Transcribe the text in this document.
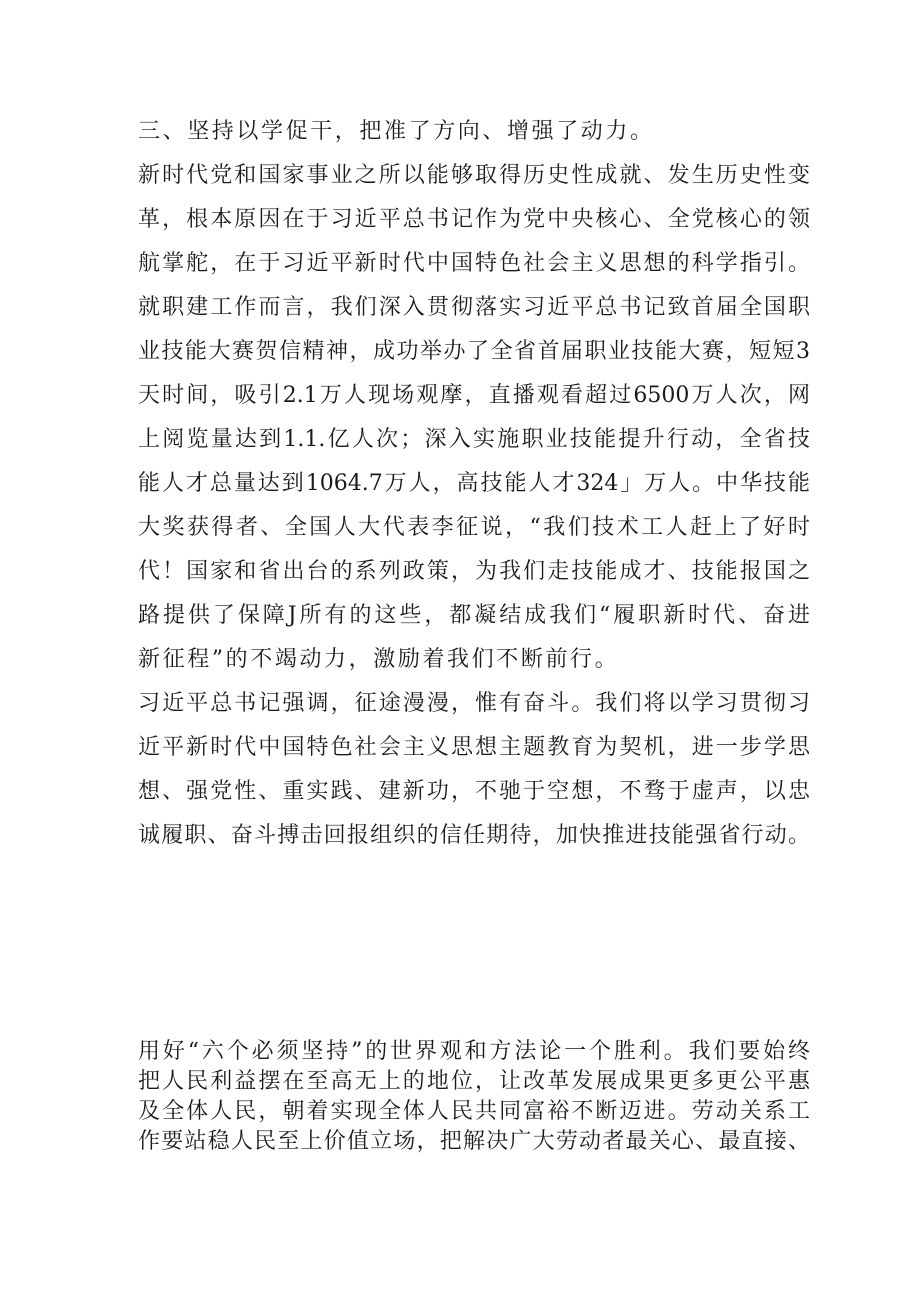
三、坚持以学促干，把准了方向、增强了动力。
新时代党和国家事业之所以能够取得历史性成就、发生历史性变
革，根本原因在于习近平总书记作为党中央核心、全党核心的领
航掌舵，在于习近平新时代中国特色社会主义思想的科学指引。
就职建工作而言，我们深入贯彻落实习近平总书记致首届全国职
业技能大赛贺信精神，成功举办了全省首届职业技能大赛，短短3
天时间，吸引2.1万人现场观摩，直播观看超过6500万人次，网
上阅览量达到1.1.亿人次；深入实施职业技能提升行动，全省技
能人才总量达到1064.7万人，高技能人才324」万人。中华技能
大奖获得者、全国人大代表李征说，“我们技术工人赶上了好时
代！国家和省出台的系列政策，为我们走技能成才、技能报国之
路提供了保障J所有的这些，都凝结成我们“履职新时代、奋进
新征程”的不竭动力，激励着我们不断前行。
习近平总书记强调，征途漫漫，惟有奋斗。我们将以学习贯彻习
近平新时代中国特色社会主义思想主题教育为契机，进一步学思
想、强党性、重实践、建新功，不驰于空想，不骛于虚声，以忠
诚履职、奋斗搏击回报组织的信任期待，加快推进技能强省行动。
用好“六个必须坚持”的世界观和方法论一个胜利。我们要始终
把人民利益摆在至高无上的地位，让改革发展成果更多更公平惠
及全体人民，朝着实现全体人民共同富裕不断迈进。劳动关系工
作要站稳人民至上价值立场，把解决广大劳动者最关心、最直接、
